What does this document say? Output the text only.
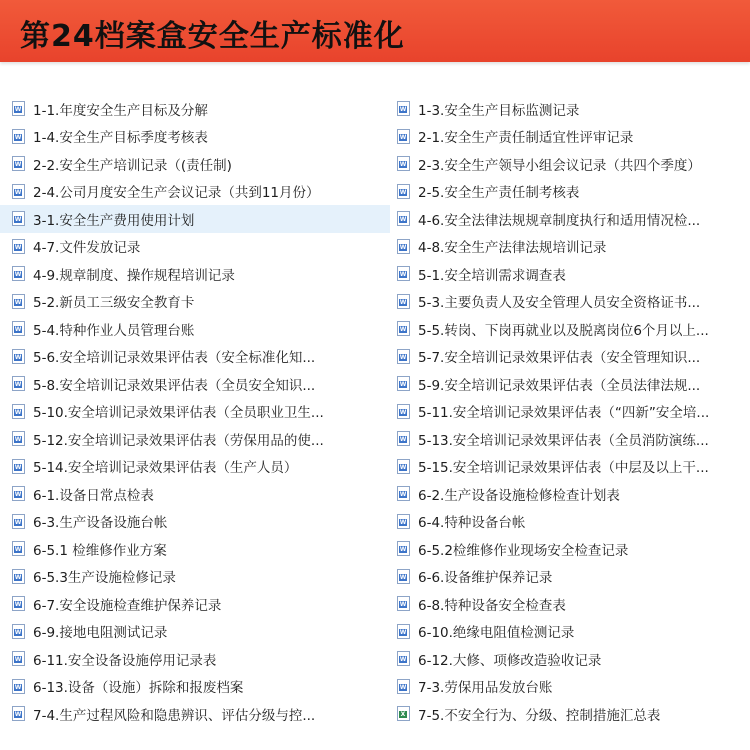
第24档案盒安全生产标准化
W
1-1.年度安全生产目标及分解 W	1-3.安全生产目标监测记录
W
1-4.安全生产目标季度考核表 W	2-1.安全生产责任制适宜性评审记录
W
2-2.安全生产培训记录（(责任制) W	2-3.安全生产领导小组会议记录（共四个季度）
W
2-4.公司月度安全生产会议记录（共到11月份） W	2-5.安全生产责任制考核表
W
3-1.安全生产费用使用计划 W	4-6.安全法律法规规章制度执行和适用情况检...
W
4-7.文件发放记录 W	4-8.安全生产法律法规培训记录
W
4-9.规章制度、操作规程培训记录 W	5-1.安全培训需求调查表
W
5-2.新员工三级安全教育卡 W	5-3.主要负责人及安全管理人员安全资格证书...
W
5-4.特种作业人员管理台账 W	5-5.转岗、下岗再就业以及脱离岗位6个月以上...
W
5-6.安全培训记录效果评估表（安全标准化知... W	5-7.安全培训记录效果评估表（安全管理知识...
W
5-8.安全培训记录效果评估表（全员安全知识... W	5-9.安全培训记录效果评估表（全员法律法规...
W
5-10.安全培训记录效果评估表（全员职业卫生... W	5-11.安全培训记录效果评估表（“四新”安全培...
W
5-12.安全培训记录效果评估表（劳保用品的使... W	5-13.安全培训记录效果评估表（全员消防演练...
W
5-14.安全培训记录效果评估表（生产人员） W	5-15.安全培训记录效果评估表（中层及以上干...
W
6-1.设备日常点检表 W	6-2.生产设备设施检修检查计划表
W
6-3.生产设备设施台帐 W	6-4.特种设备台帐
W
6-5.1 检维修作业方案 W	6-5.2检维修作业现场安全检查记录
W
6-5.3生产设施检修记录 W	6-6.设备维护保养记录
W
6-7.安全设施检查维护保养记录 W	6-8.特种设备安全检查表
W
6-9.接地电阻测试记录 W	6-10.绝缘电阻值检测记录
W
6-11.安全设备设施停用记录表 W	6-12.大修、项修改造验收记录
W
6-13.设备（设施）拆除和报废档案 W	7-3.劳保用品发放台账
W
7-4.生产过程风险和隐患辨识、评估分级与控... X	7-5.不安全行为、分级、控制措施汇总表
